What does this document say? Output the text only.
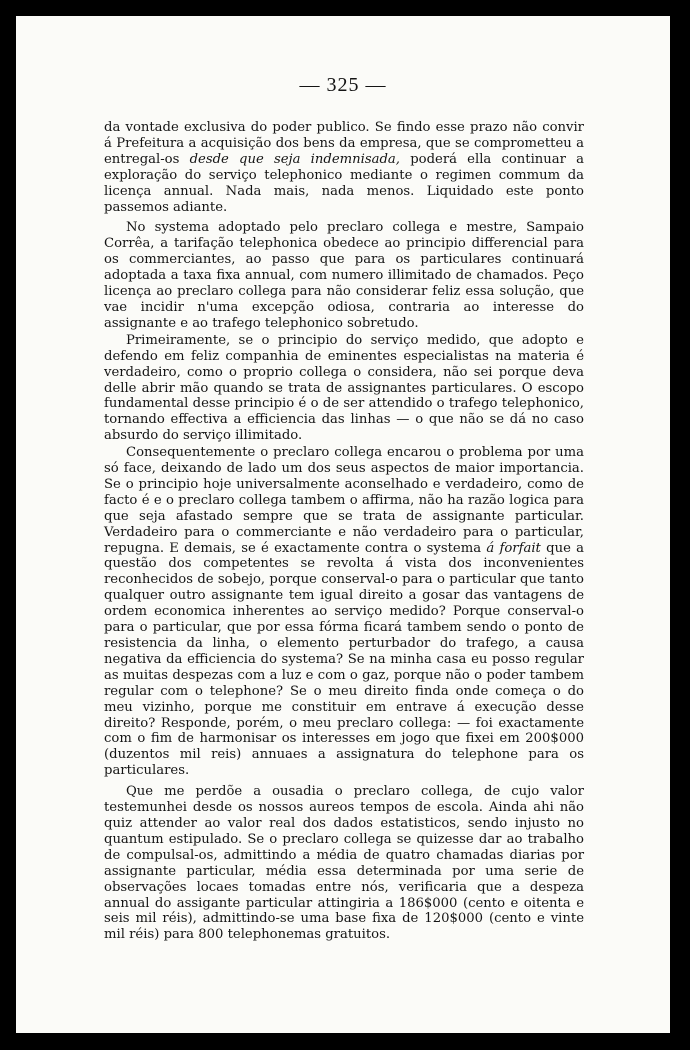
— 325 —

da vontade exclusiva do poder publico. Se findo esse prazo não convir á Prefeitura a acquisição dos bens da empresa, que se comprometteu a entregal-os desde que seja indemnisada, poderá ella continuar a exploração do serviço telephonico mediante o regimen commum da licença annual. Nada mais, nada menos. Liquidado este ponto passemos adiante.

No systema adoptado pelo preclaro collega e mestre, Sampaio Corrêa, a tarifação telephonica obedece ao principio differencial para os commerciantes, ao passo que para os particulares continuará adoptada a taxa fixa annual, com numero illimitado de chamados. Peço licença ao preclaro collega para não considerar feliz essa solução, que vae incidir n'uma excepção odiosa, contraria ao interesse do assignante e ao trafego telephonico sobretudo.

Primeiramente, se o principio do serviço medido, que adopto e defendo em feliz companhia de eminentes especialistas na materia é verdadeiro, como o proprio collega o considera, não sei porque deva delle abrir mão quando se trata de assignantes particulares. O escopo fundamental desse principio é o de ser attendido o trafego telephonico, tornando effectiva a efficiencia das linhas — o que não se dá no caso absurdo do serviço illimitado.

Consequentemente o preclaro collega encarou o problema por uma só face, deixando de lado um dos seus aspectos de maior importancia. Se o principio hoje universalmente aconselhado e verdadeiro, como de facto é e o preclaro collega tambem o affirma, não ha razão logica para que seja afastado sempre que se trata de assignante particular. Verdadeiro para o commerciante e não verdadeiro para o particular, repugna. E demais, se é exactamente contra o systema á forfait que a questão dos competentes se revolta á vista dos inconvenientes reconhecidos de sobejo, porque conserval-o para o particular que tanto qualquer outro assignante tem igual direito a gosar das vantagens de ordem economica inherentes ao serviço medido? Porque conserval-o para o particular, que por essa fórma ficará tambem sendo o ponto de resistencia da linha, o elemento perturbador do trafego, a causa negativa da efficiencia do systema? Se na minha casa eu posso regular as muitas despezas com a luz e com o gaz, porque não o poder tambem regular com o telephone? Se o meu direito finda onde começa o do meu vizinho, porque me constituir em entrave á execução desse direito? Responde, porém, o meu preclaro collega: — foi exactamente com o fim de harmonisar os interesses em jogo que fixei em 200$000 (duzentos mil reis) annuaes a assignatura do telephone para os particulares.

Que me perdõe a ousadia o preclaro collega, de cujo valor testemunhei desde os nossos aureos tempos de escola. Ainda ahi não quiz attender ao valor real dos dados estatisticos, sendo injusto no quantum estipulado. Se o preclaro collega se quizesse dar ao trabalho de compulsal-os, admittindo a média de quatro chamadas diarias por assignante particular, média essa determinada por uma serie de observações locaes tomadas entre nós, verificaria que a despeza annual do assigante particular attingiria a 186$000 (cento e oitenta e seis mil réis), admittindo-se uma base fixa de 120$000 (cento e vinte mil réis) para 800 telephonemas gratuitos.
